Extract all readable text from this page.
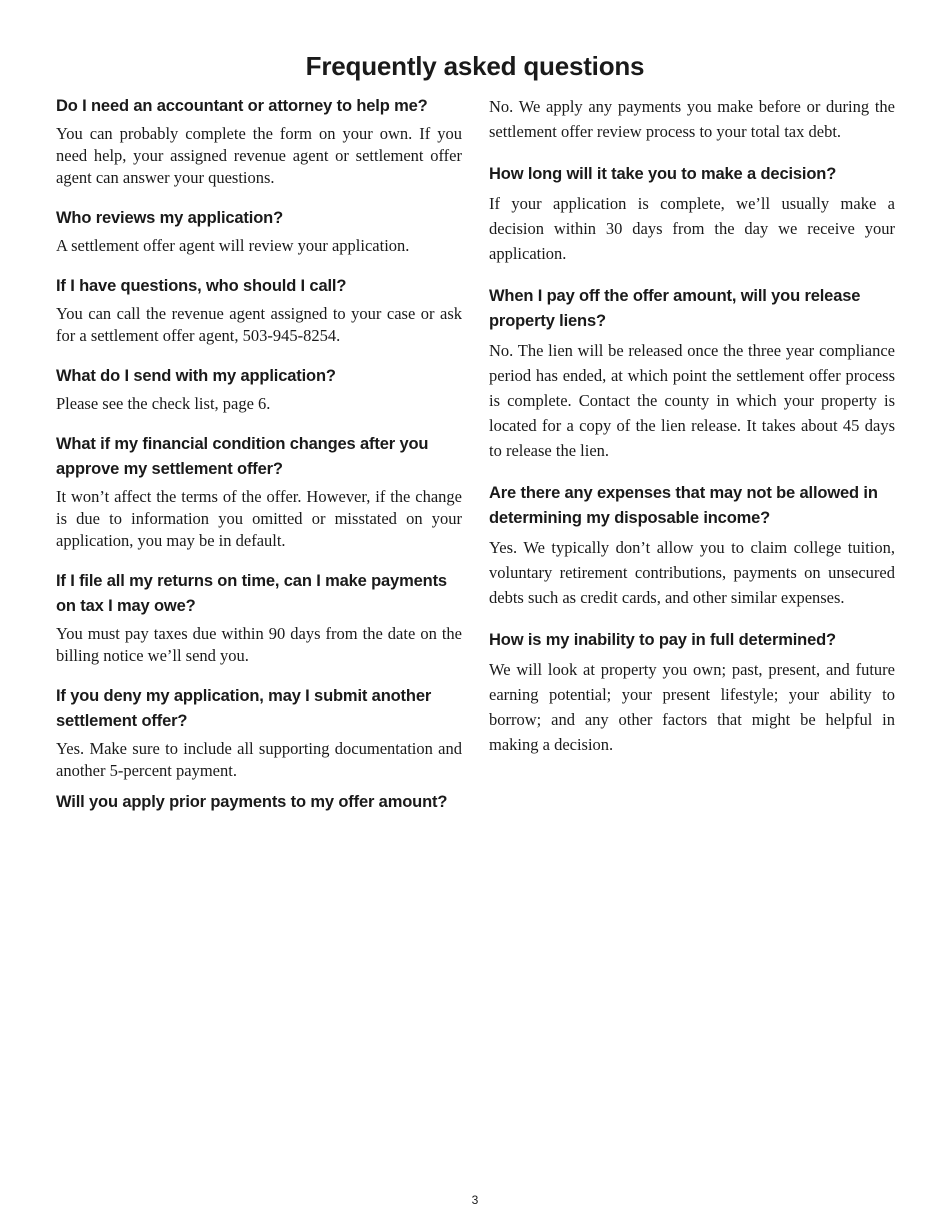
Frequently asked questions
Do I need an accountant or attorney to help me?

You can probably complete the form on your own. If you need help, your assigned revenue agent or settlement offer agent can answer your questions.

Who reviews my application?

A settlement offer agent will review your application.

If I have questions, who should I call?

You can call the revenue agent assigned to your case or ask for a settlement offer agent, 503-945-8254.

What do I send with my application?

Please see the check list, page 6.

What if my financial condition changes after you approve my settlement offer?

It won’t affect the terms of the offer. However, if the change is due to information you omitted or misstated on your application, you may be in default.

If I file all my returns on time, can I make payments on tax I may owe?

You must pay taxes due within 90 days from the date on the billing notice we’ll send you.

If you deny my application, may I submit another settlement offer?

Yes. Make sure to include all supporting documentation and another 5-percent payment.

Will you apply prior payments to my offer amount?

No. We apply any payments you make before or during the settlement offer review process to your total tax debt.

How long will it take you to make a decision?

If your application is complete, we’ll usually make a decision within 30 days from the day we receive your application.

When I pay off the offer amount, will you release property liens?

No. The lien will be released once the three year compliance period has ended, at which point the settlement offer process is complete. Contact the county in which your property is located for a copy of the lien release. It takes about 45 days to release the lien.

Are there any expenses that may not be allowed in determining my disposable income?

Yes. We typically don’t allow you to claim college tuition, voluntary retirement contributions, payments on unsecured debts such as credit cards, and other similar expenses.

How is my inability to pay in full determined?

We will look at property you own; past, present, and future earning potential; your present lifestyle; your ability to borrow; and any other factors that might be helpful in making a decision.

3
